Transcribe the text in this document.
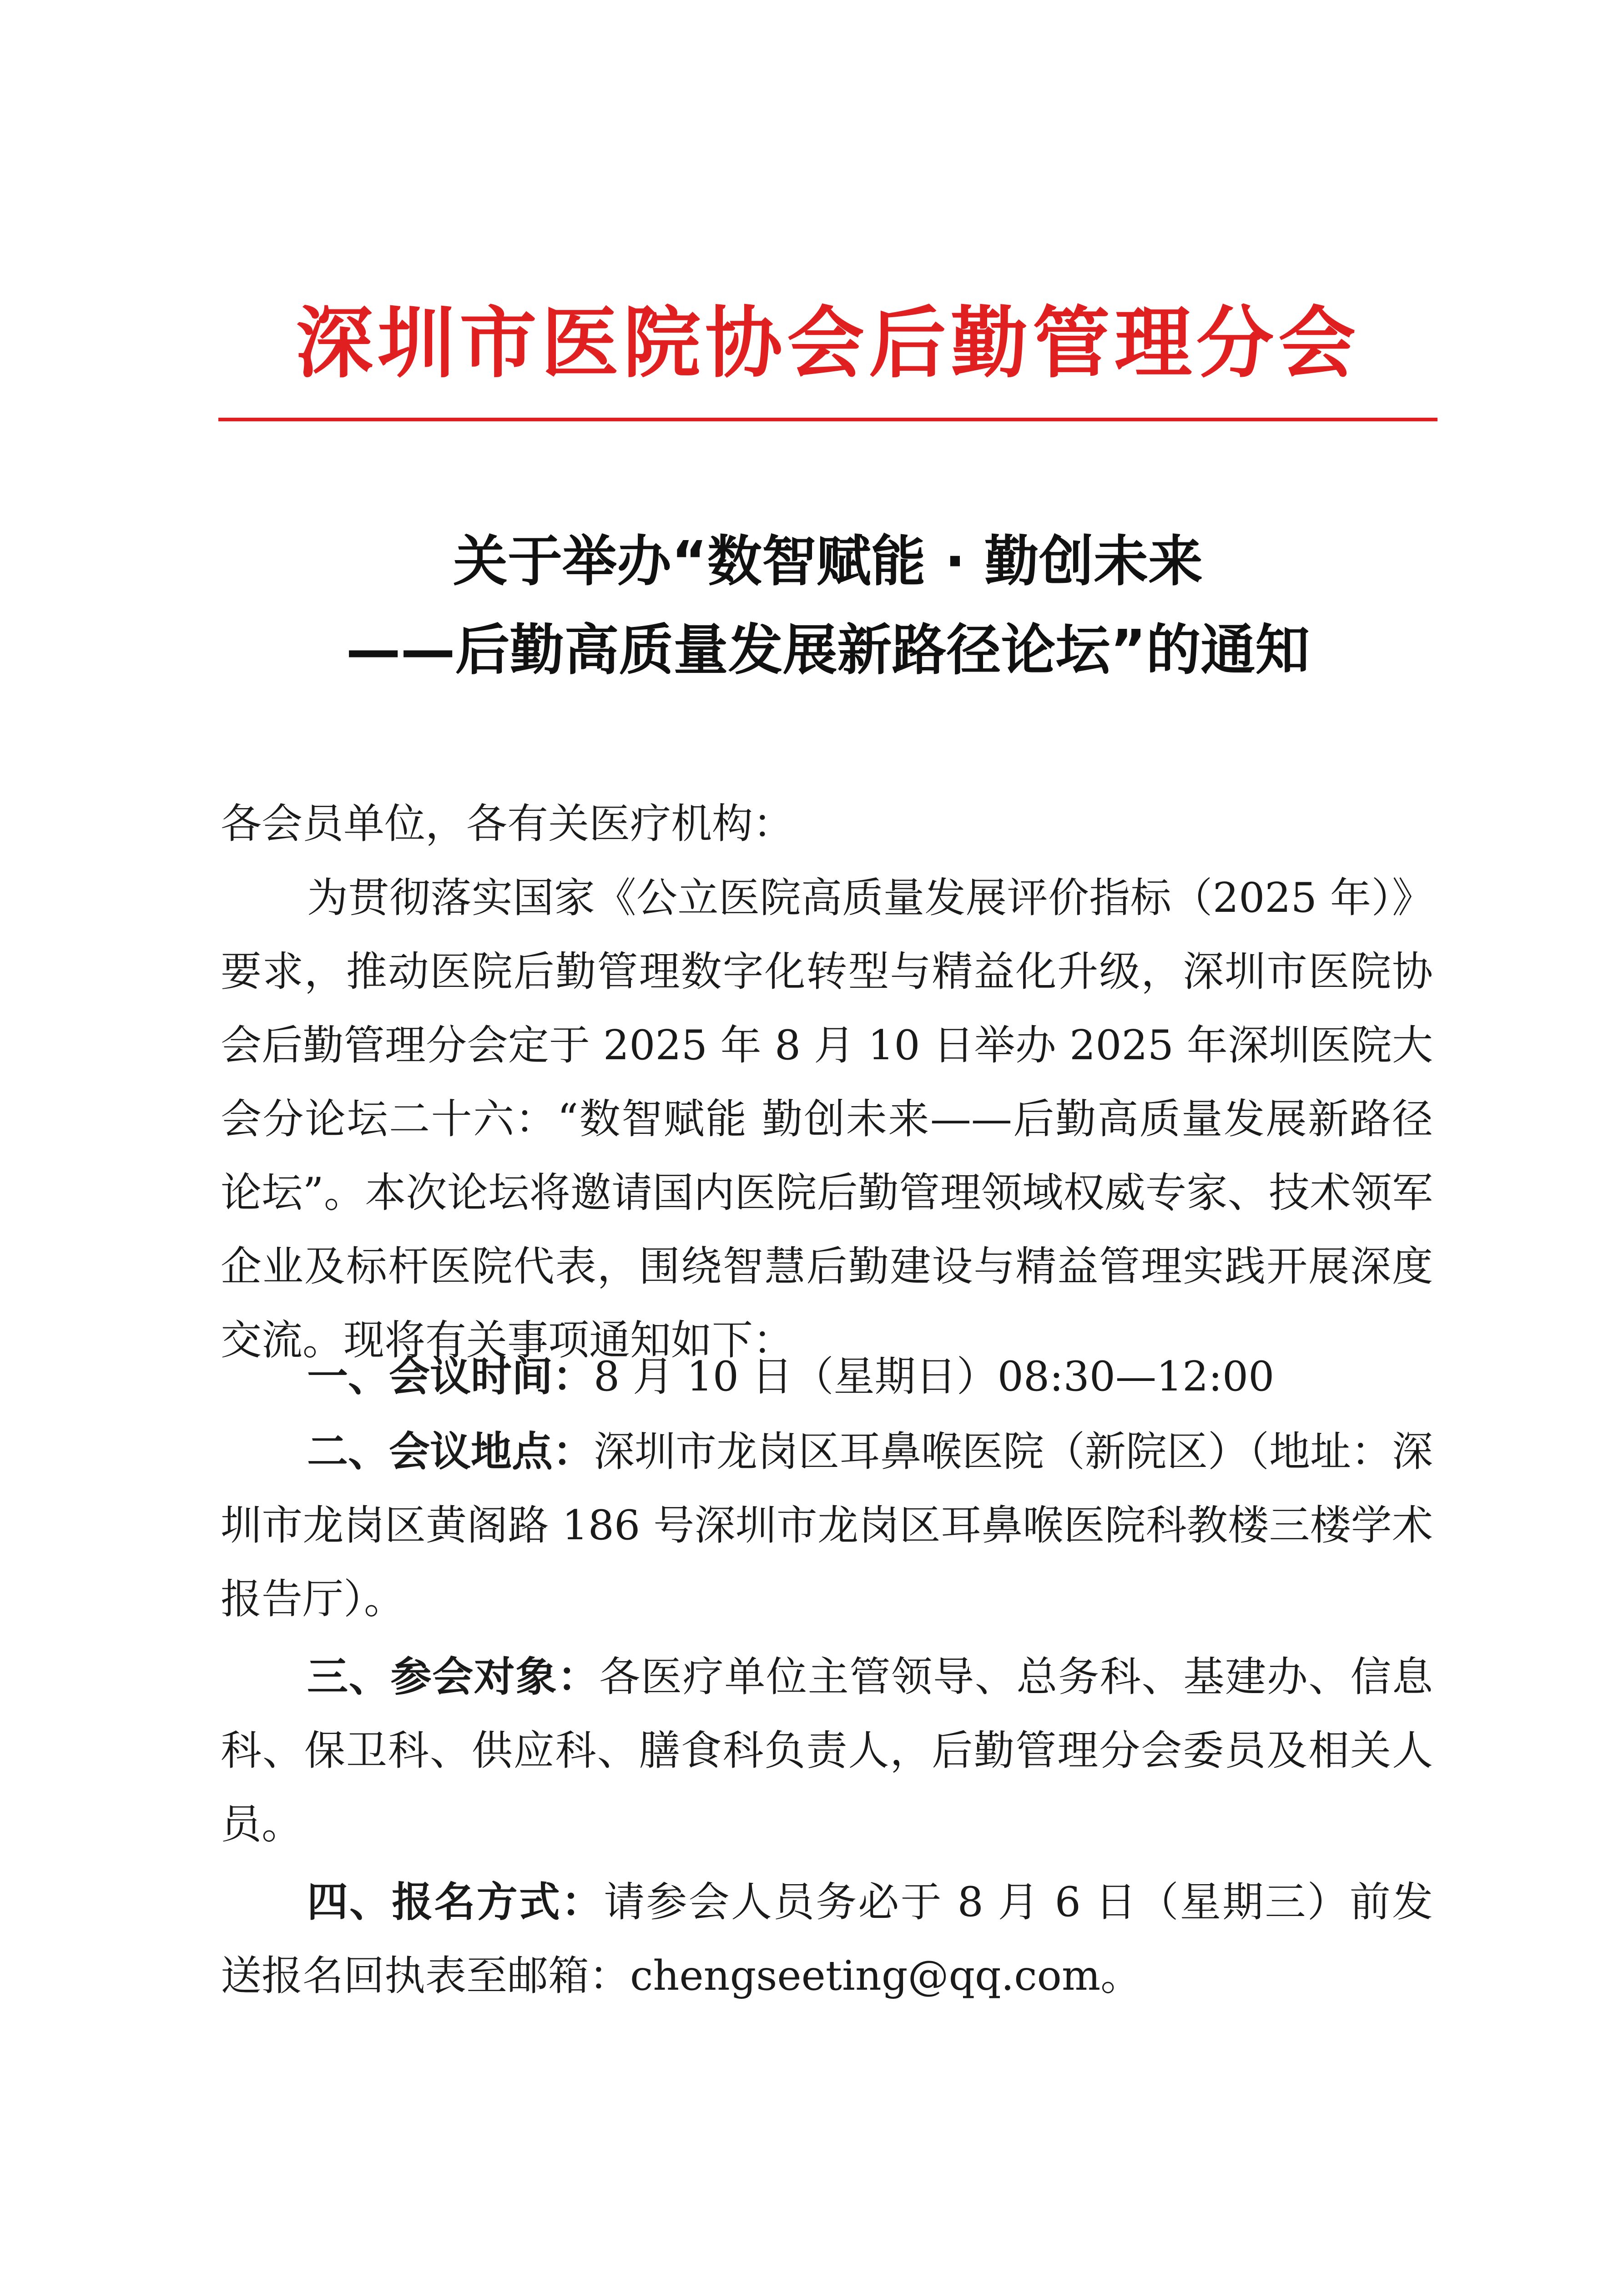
深圳市医院协会后勤管理分会
关于举办“数智赋能 · 勤创未来
——后勤高质量发展新路径论坛”的通知
各会员单位，各有关医疗机构：

为贯彻落实国家《公立医院高质量发展评价指标（2025 年）》要求，推动医院后勤管理数字化转型与精益化升级，深圳市医院协会后勤管理分会定于 2025 年 8 月 10 日举办 2025 年深圳医院大会分论坛二十六：“数智赋能 勤创未来——后勤高质量发展新路径论坛”。本次论坛将邀请国内医院后勤管理领域权威专家、技术领军企业及标杆医院代表，围绕智慧后勤建设与精益管理实践开展深度交流。现将有关事项通知如下：

一、会议时间：8 月 10 日（星期日）08:30—12:00

二、会议地点：深圳市龙岗区耳鼻喉医院（新院区）（地址：深圳市龙岗区黄阁路 186 号深圳市龙岗区耳鼻喉医院科教楼三楼学术报告厅）。

三、参会对象：各医疗单位主管领导、总务科、基建办、信息科、保卫科、供应科、膳食科负责人，后勤管理分会委员及相关人员。

四、报名方式：请参会人员务必于 8 月 6 日（星期三）前发送报名回执表至邮箱：chengseeting@qq.com。
